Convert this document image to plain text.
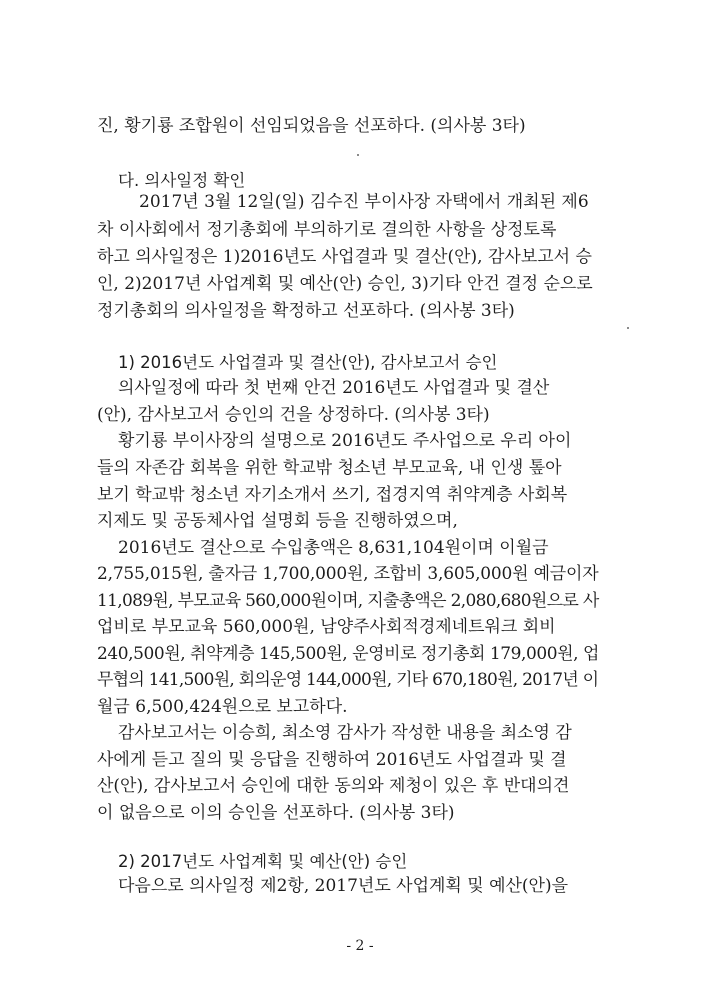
진, 황기룡 조합원이 선임되었음을 선포하다. (의사봉 3타)

다. 의사일정 확인

2017년 3월 12일(일) 김수진 부이사장 자택에서 개최된 제6

차 이사회에서 정기총회에 부의하기로 결의한 사항을 상정토록

하고 의사일정은 1)2016년도 사업결과 및 결산(안), 감사보고서 승

인, 2)2017년 사업계획 및 예산(안) 승인, 3)기타 안건 결정 순으로

정기총회의 의사일정을 확정하고 선포하다. (의사봉 3타)

1) 2016년도 사업결과 및 결산(안), 감사보고서 승인

의사일정에 따라 첫 번째 안건 2016년도 사업결과 및 결산

(안), 감사보고서 승인의 건을 상정하다. (의사봉 3타)

황기룡 부이사장의 설명으로 2016년도 주사업으로 우리 아이

들의 자존감 회복을 위한 학교밖 청소년 부모교육, 내 인생 톺아

보기 학교밖 청소년 자기소개서 쓰기, 접경지역 취약계층 사회복

지제도 및 공동체사업 설명회 등을 진행하였으며,

2016년도 결산으로 수입총액은 8,631,104원이며 이월금

2,755,015원, 출자금 1,700,000원, 조합비 3,605,000원 예금이자

11,089원, 부모교육 560,000원이며, 지출총액은 2,080,680원으로 사

업비로 부모교육 560,000원, 남양주사회적경제네트워크 회비

240,500원, 취약계층 145,500원, 운영비로 정기총회 179,000원, 업

무협의 141,500원, 회의운영 144,000원, 기타 670,180원, 2017년 이

월금 6,500,424원으로 보고하다.

감사보고서는 이승희, 최소영 감사가 작성한 내용을 최소영 감

사에게 듣고 질의 및 응답을 진행하여 2016년도 사업결과 및 결

산(안), 감사보고서 승인에 대한 동의와 제청이 있은 후 반대의견

이 없음으로 이의 승인을 선포하다. (의사봉 3타)

2) 2017년도 사업계획 및 예산(안) 승인

다음으로 의사일정 제2항, 2017년도 사업계획 및 예산(안)을

- 2 -
